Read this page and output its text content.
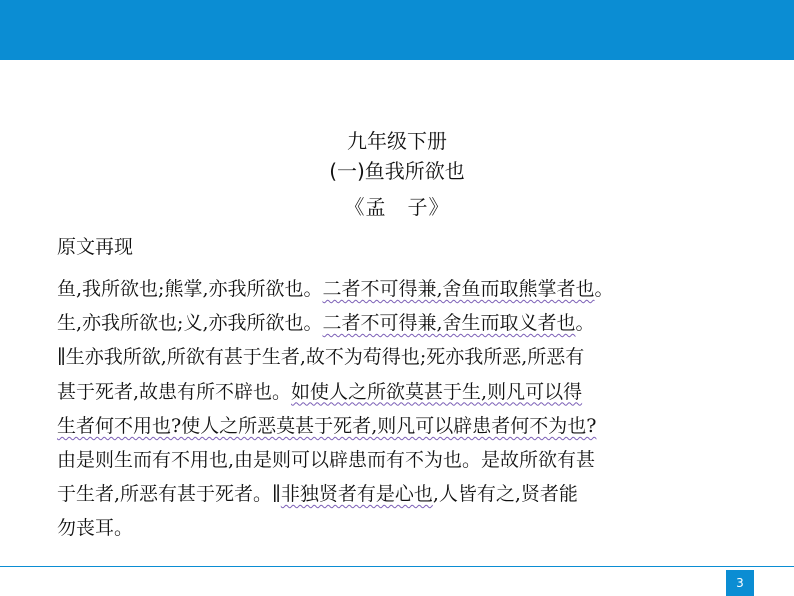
九年级下册
(一)鱼我所欲也
《孟　子》
原文再现
鱼,我所欲也;熊掌,亦我所欲也。二者不可得兼,舍鱼而取熊掌者也。
生,亦我所欲也;义,亦我所欲也。二者不可得兼,舍生而取义者也。
∥生亦我所欲,所欲有甚于生者,故不为苟得也;死亦我所恶,所恶有
甚于死者,故患有所不辟也。如使人之所欲莫甚于生,则凡可以得
生者何不用也?使人之所恶莫甚于死者,则凡可以辟患者何不为也?
由是则生而有不用也,由是则可以辟患而有不为也。是故所欲有甚
于生者,所恶有甚于死者。∥非独贤者有是心也,人皆有之,贤者能
勿丧耳。
3
